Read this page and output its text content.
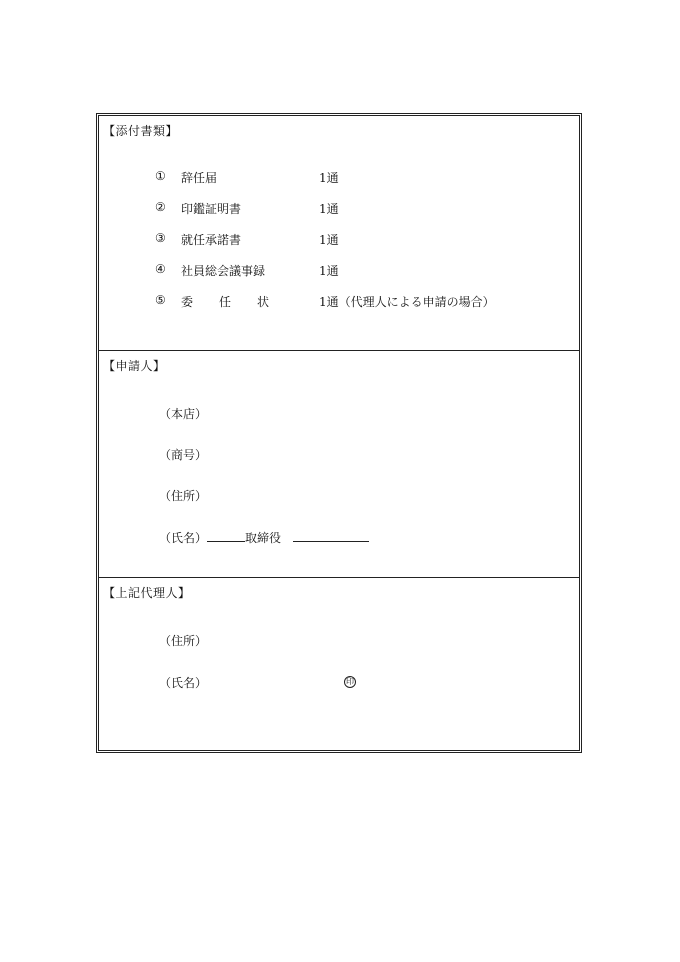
【添付書類】
① 辞任届	1通
② 印鑑証明書	1通
③ 就任承諾書	1通
④ 社員総会議事録	1通
⑤ 委 任 状	1通（代理人による申請の場合）
【申請人】
（本店）
（商号）
（住所）
（氏名）	取締役
【上記代理人】
（住所）
（氏名）	印
